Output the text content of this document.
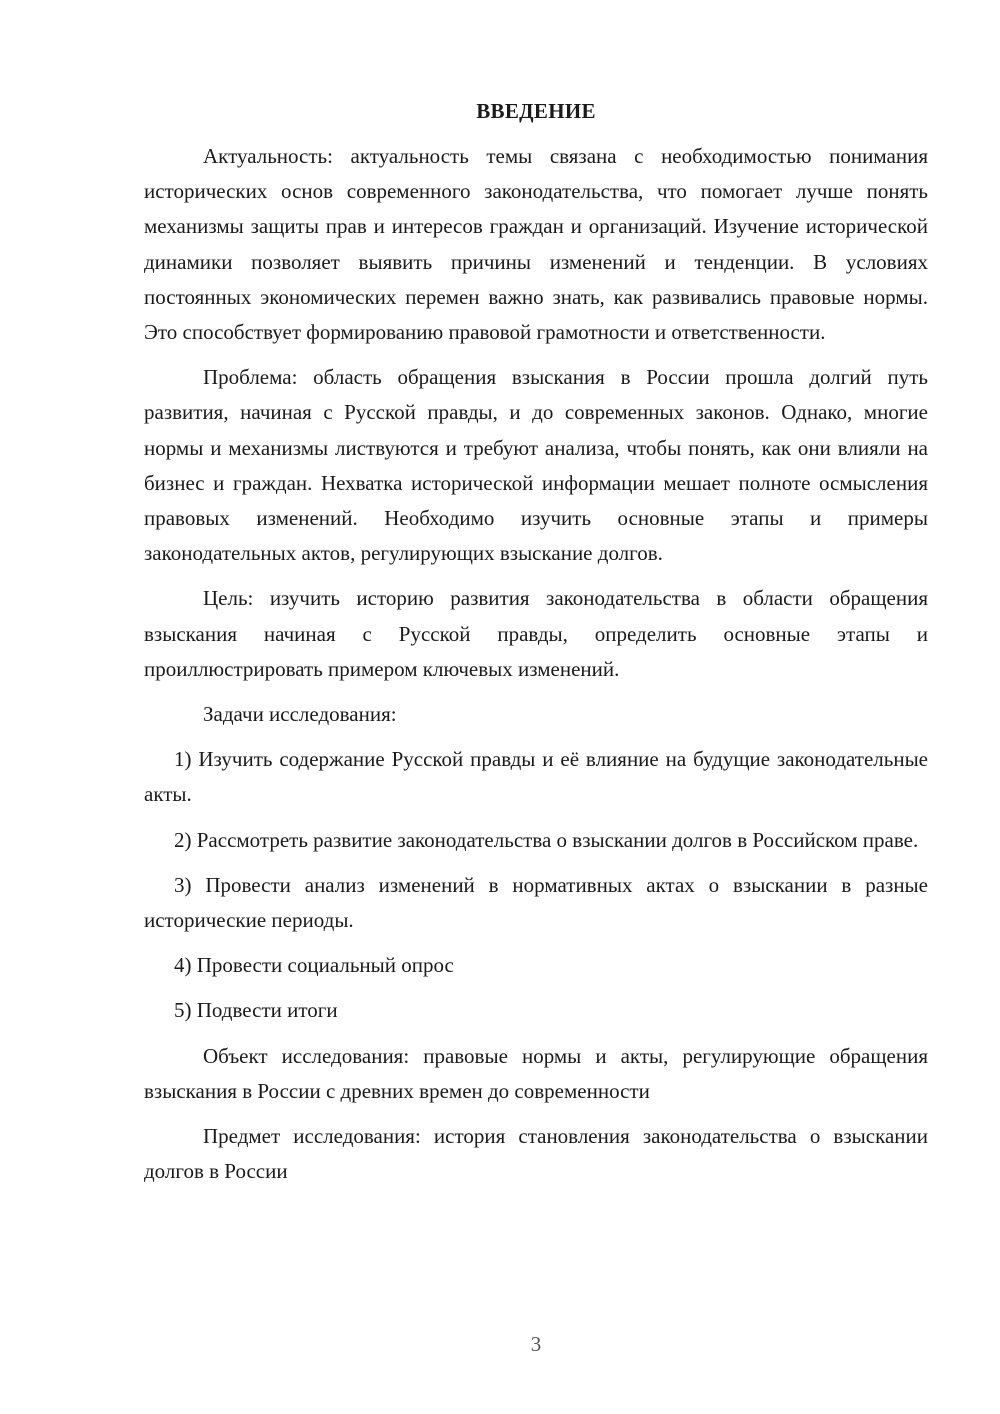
ВВЕДЕНИЕ

Актуальность: актуальность темы связана с необходимостью понимания исторических основ современного законодательства, что помогает лучше понять механизмы защиты прав и интересов граждан и организаций. Изучение исторической динамики позволяет выявить причины изменений и тенденции. В условиях постоянных экономических перемен важно знать, как развивались правовые нормы. Это способствует формированию правовой грамотности и ответственности.

Проблема: область обращения взыскания в России прошла долгий путь развития, начиная с Русской правды, и до современных законов. Однако, многие нормы и механизмы листвуются и требуют анализа, чтобы понять, как они влияли на бизнес и граждан. Нехватка исторической информации мешает полноте осмысления правовых изменений. Необходимо изучить основные этапы и примеры законодательных актов, регулирующих взыскание долгов.

Цель: изучить историю развития законодательства в области обращения взыскания начиная с Русской правды, определить основные этапы и проиллюстрировать примером ключевых изменений.

Задачи исследования:

1) Изучить содержание Русской правды и её влияние на будущие законодательные акты.

2) Рассмотреть развитие законодательства о взыскании долгов в Российском праве.

3) Провести анализ изменений в нормативных актах о взыскании в разные исторические периоды.

4) Провести социальный опрос

5) Подвести итоги

Объект исследования: правовые нормы и акты, регулирующие обращения взыскания в России с древних времен до современности

Предмет исследования: история становления законодательства о взыскании долгов в России

3
